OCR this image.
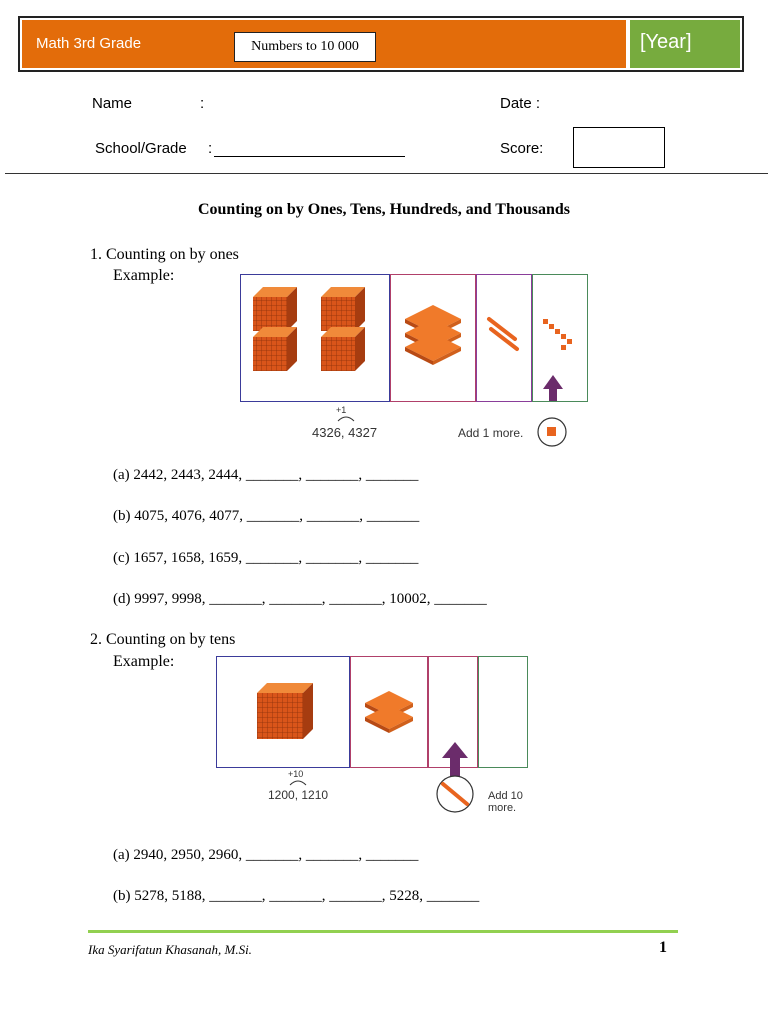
Math 3rd Grade	Numbers to 10 000	[Year]
Name	:	Date :
School/Grade :	Score:
Counting on by Ones, Tens, Hundreds, and Thousands
1. Counting on by ones
Example:
+1
4326, 4327	Add 1 more.
(a) 2442, 2443, 2444, _______, _______, _______
(b) 4075, 4076, 4077, _______, _______, _______
(c) 1657, 1658, 1659, _______, _______, _______
(d) 9997, 9998, _______, _______, _______, 10002, _______
2. Counting on by tens
Example:
+10
1200, 1210	Add 10 more.
(a) 2940, 2950, 2960, _______, _______, _______
(b) 5278, 5188, _______, _______, _______, 5228, _______
Ika Syarifatun Khasanah, M.Si.	1
